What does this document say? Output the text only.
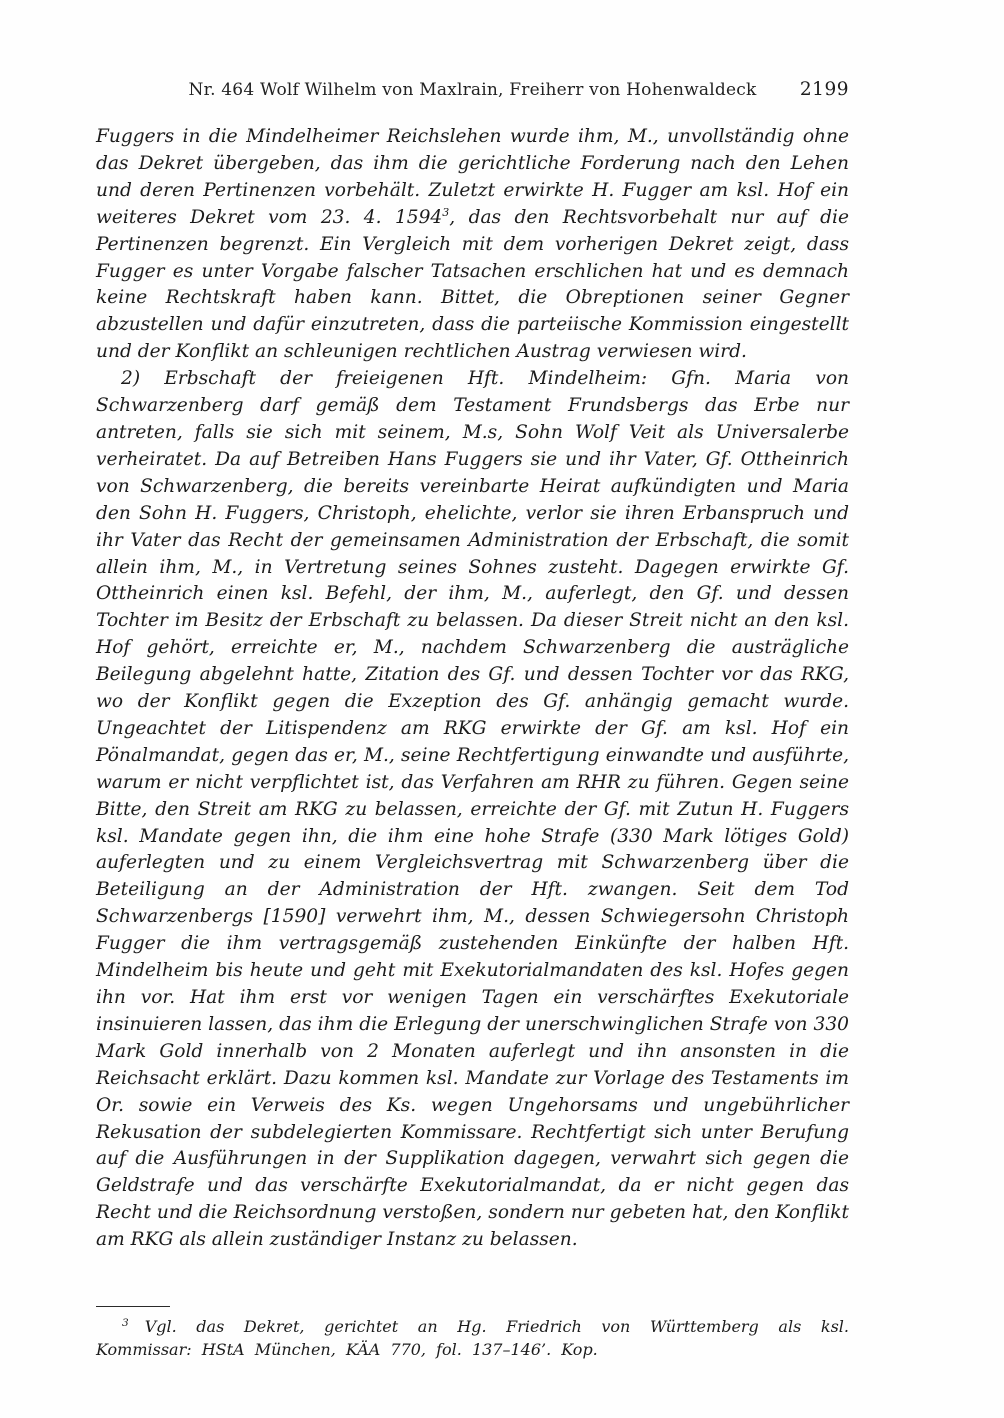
Nr. 464 Wolf Wilhelm von Maxlrain, Freiherr von Hohenwaldeck	2199

Fuggers in die Mindelheimer Reichslehen wurde ihm, M., unvollständig ohne das Dekret übergeben, das ihm die gerichtliche Forderung nach den Lehen und deren Pertinenzen vorbehält. Zuletzt erwirkte H. Fugger am ksl. Hof ein weiteres Dekret vom 23. 4. 1594$^3$, das den Rechtsvorbehalt nur auf die Pertinenzen begrenzt. Ein Vergleich mit dem vorherigen Dekret zeigt, dass Fugger es unter Vorgabe falscher Tatsachen erschlichen hat und es demnach keine Rechtskraft haben kann. Bittet, die Obreptionen seiner Gegner abzustellen und dafür einzutreten, dass die parteiische Kommission eingestellt und der Konflikt an schleunigen rechtlichen Austrag verwiesen wird.

2) Erbschaft der freieigenen Hft. Mindelheim: Gfn. Maria von Schwarzenberg darf gemäß dem Testament Frundsbergs das Erbe nur antreten, falls sie sich mit seinem, M.s, Sohn Wolf Veit als Universalerbe verheiratet. Da auf Betreiben Hans Fuggers sie und ihr Vater, Gf. Ottheinrich von Schwarzenberg, die bereits vereinbarte Heirat aufkündigten und Maria den Sohn H. Fuggers, Christoph, ehelichte, verlor sie ihren Erbanspruch und ihr Vater das Recht der gemeinsamen Administration der Erbschaft, die somit allein ihm, M., in Vertretung seines Sohnes zusteht. Dagegen erwirkte Gf. Ottheinrich einen ksl. Befehl, der ihm, M., auferlegt, den Gf. und dessen Tochter im Besitz der Erbschaft zu belassen. Da dieser Streit nicht an den ksl. Hof gehört, erreichte er, M., nachdem Schwarzenberg die austrägliche Beilegung abgelehnt hatte, Zitation des Gf. und dessen Tochter vor das RKG, wo der Konflikt gegen die Exzeption des Gf. anhängig gemacht wurde. Ungeachtet der Litispendenz am RKG erwirkte der Gf. am ksl. Hof ein Pönalmandat, gegen das er, M., seine Rechtfertigung einwandte und ausführte, warum er nicht verpflichtet ist, das Verfahren am RHR zu führen. Gegen seine Bitte, den Streit am RKG zu belassen, erreichte der Gf. mit Zutun H. Fuggers ksl. Mandate gegen ihn, die ihm eine hohe Strafe (330 Mark lötiges Gold) auferlegten und zu einem Vergleichsvertrag mit Schwarzenberg über die Beteiligung an der Administration der Hft. zwangen. Seit dem Tod Schwarzenbergs [1590] verwehrt ihm, M., dessen Schwiegersohn Christoph Fugger die ihm vertragsgemäß zustehenden Einkünfte der halben Hft. Mindelheim bis heute und geht mit Exekutorialmandaten des ksl. Hofes gegen ihn vor. Hat ihm erst vor wenigen Tagen ein verschärftes Exekutoriale insinuieren lassen, das ihm die Erlegung der unerschwinglichen Strafe von 330 Mark Gold innerhalb von 2 Monaten auferlegt und ihn ansonsten in die Reichsacht erklärt. Dazu kommen ksl. Mandate zur Vorlage des Testaments im Or. sowie ein Verweis des Ks. wegen Ungehorsams und ungebührlicher Rekusation der subdelegierten Kommissare. Rechtfertigt sich unter Berufung auf die Ausführungen in der Supplikation dagegen, verwahrt sich gegen die Geldstrafe und das verschärfte Exekutorialmandat, da er nicht gegen das Recht und die Reichsordnung verstoßen, sondern nur gebeten hat, den Konflikt am RKG als allein zuständiger Instanz zu belassen.

$^3$ Vgl. das Dekret, gerichtet an Hg. Friedrich von Württemberg als ksl. Kommissar: HStA München, KÄA 770, fol. 137–146’. Kop.
